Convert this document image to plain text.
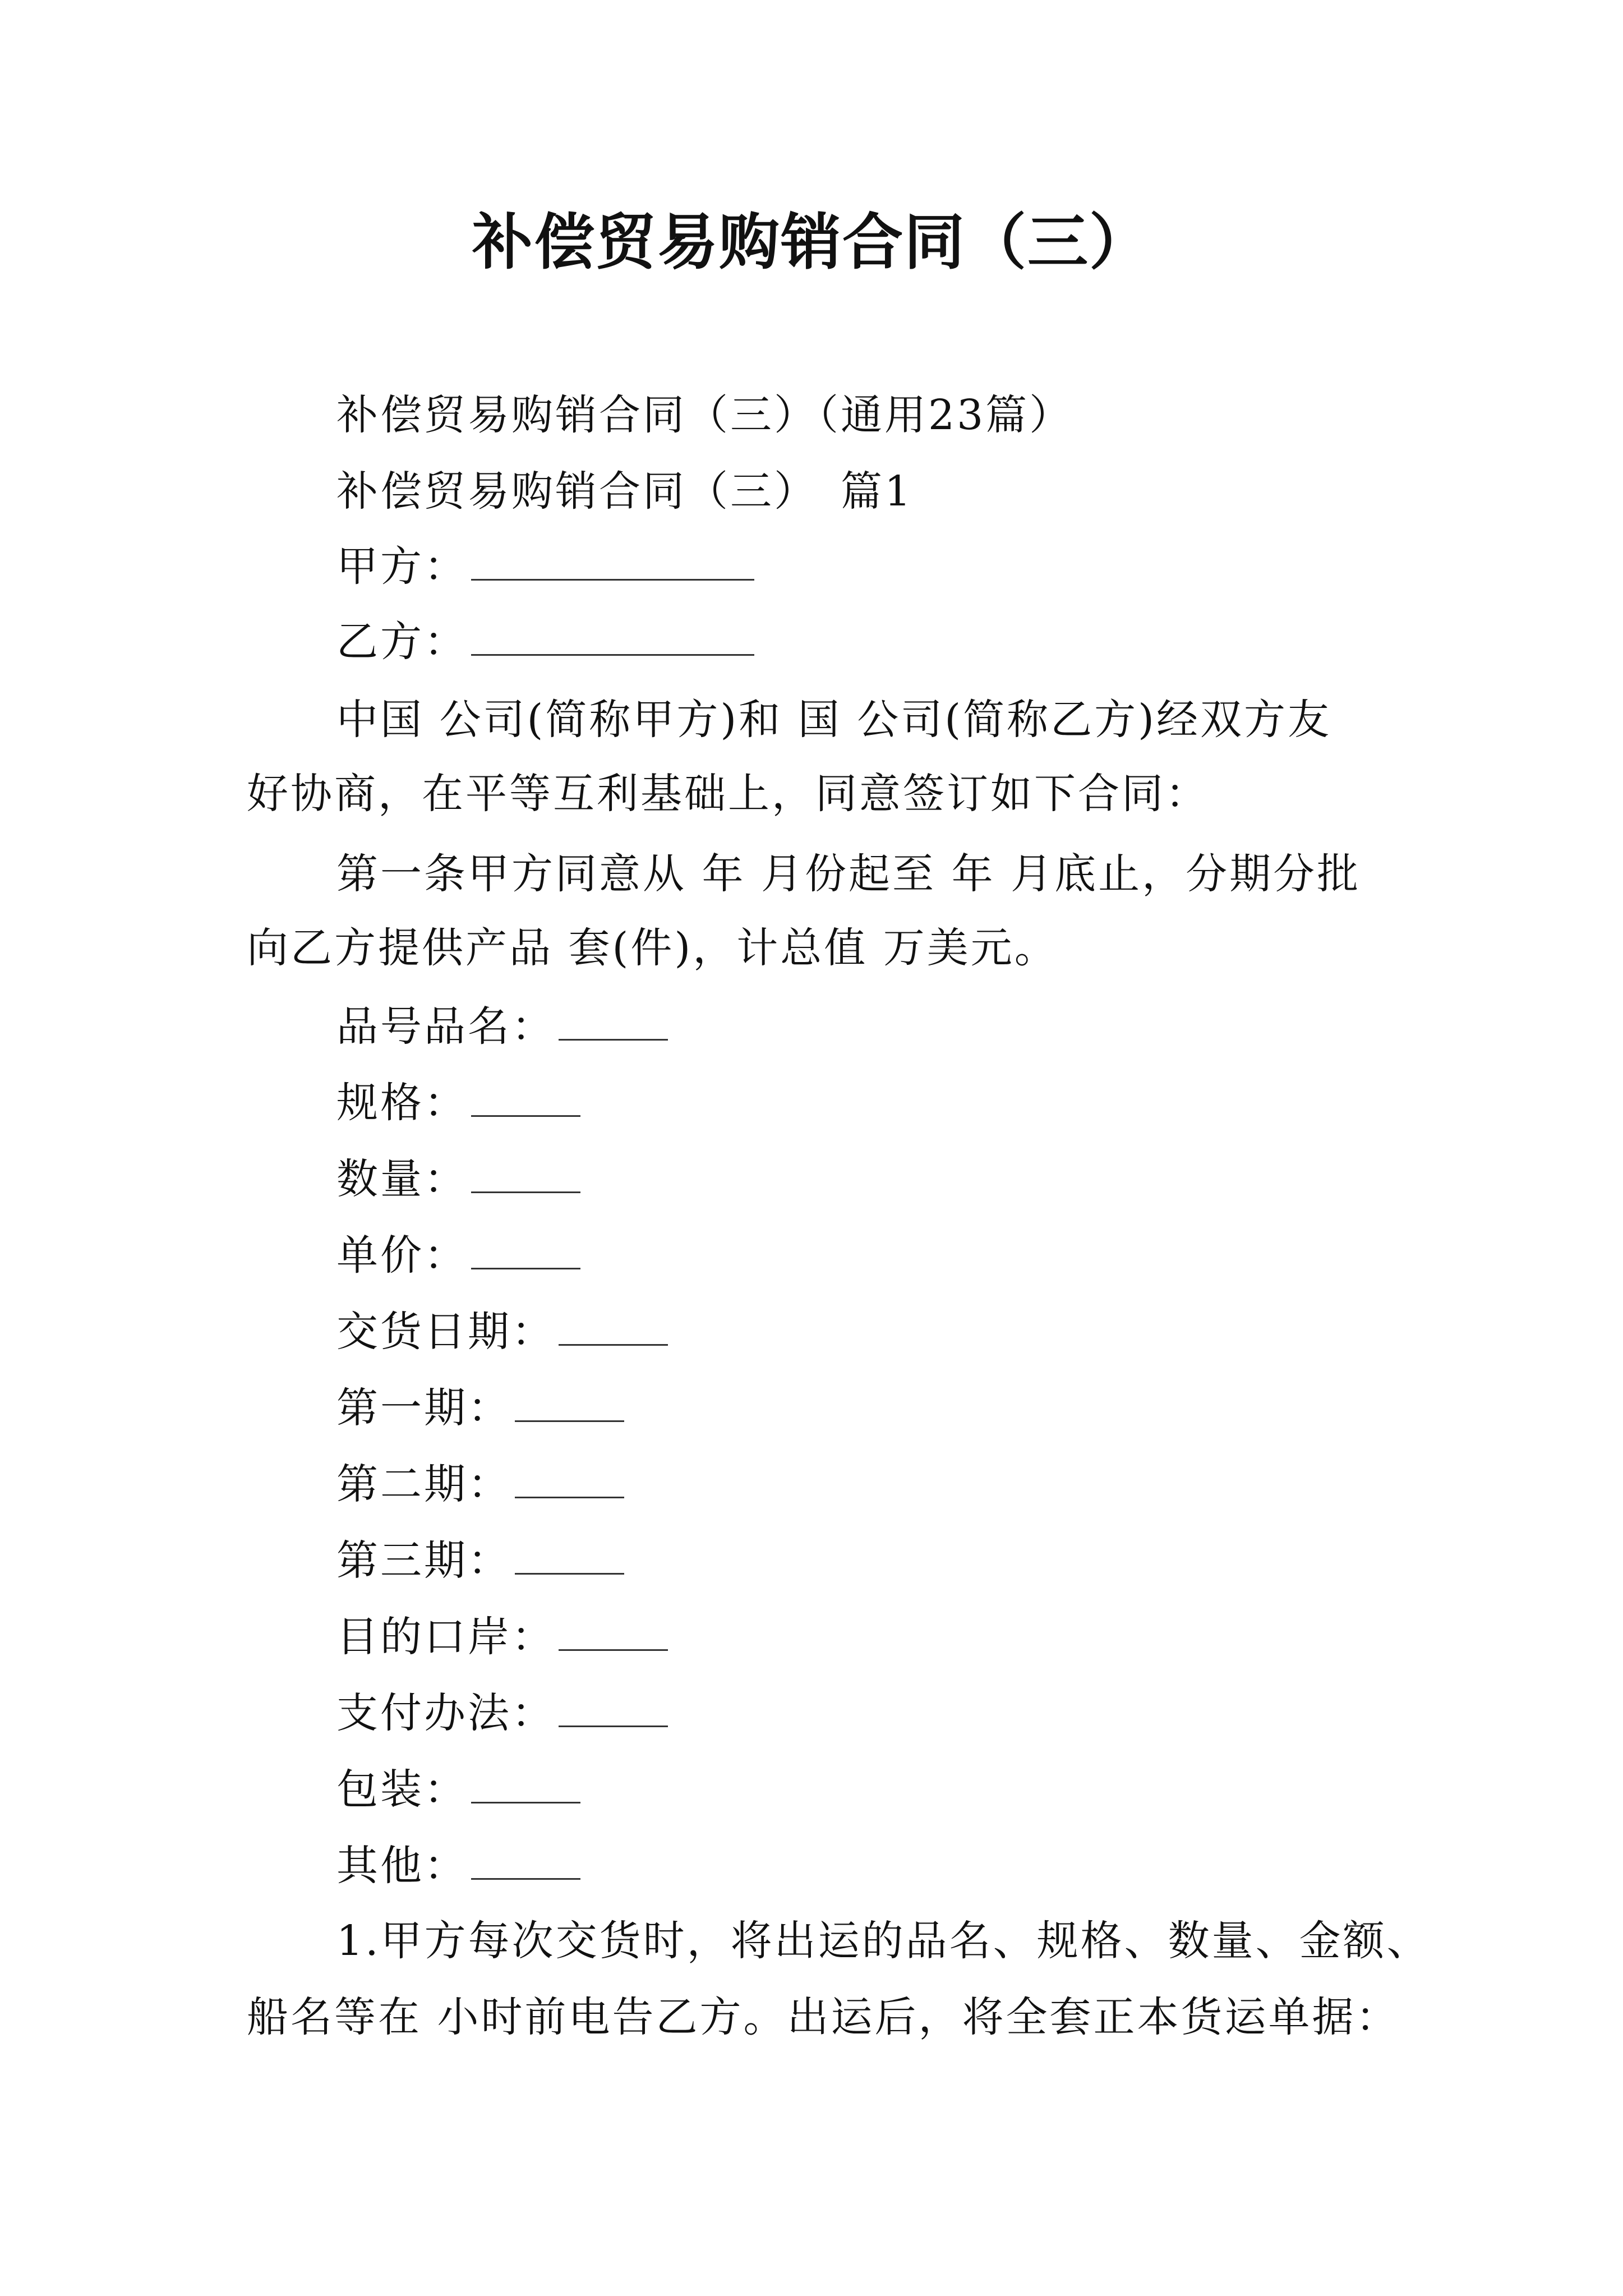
补偿贸易购销合同（三）
补偿贸易购销合同（三）（通用23篇）
补偿贸易购销合同（三）　篇1
甲方：
乙方：
中国 公司(简称甲方)和 国 公司(简称乙方)经双方友
好协商，在平等互利基础上，同意签订如下合同：
第一条甲方同意从 年 月份起至 年 月底止，分期分批
向乙方提供产品 套(件)，计总值 万美元。
品号品名：
规格：
数量：
单价：
交货日期：
第一期：
第二期：
第三期：
目的口岸：
支付办法：
包装：
其他：
1.甲方每次交货时，将出运的品名、规格、数量、金额、
船名等在 小时前电告乙方。出运后，将全套正本货运单据：
